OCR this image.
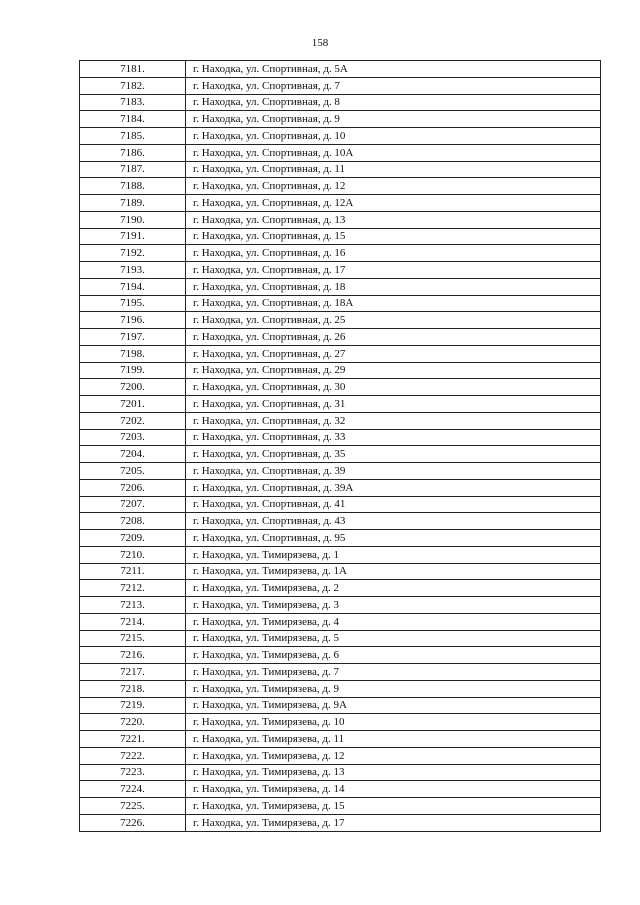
158
7181.	г. Находка, ул. Спортивная, д. 5А
7182.	г. Находка, ул. Спортивная, д. 7
7183.	г. Находка, ул. Спортивная, д. 8
7184.	г. Находка, ул. Спортивная, д. 9
7185.	г. Находка, ул. Спортивная, д. 10
7186.	г. Находка, ул. Спортивная, д. 10А
7187.	г. Находка, ул. Спортивная, д. 11
7188.	г. Находка, ул. Спортивная, д. 12
7189.	г. Находка, ул. Спортивная, д. 12А
7190.	г. Находка, ул. Спортивная, д. 13
7191.	г. Находка, ул. Спортивная, д. 15
7192.	г. Находка, ул. Спортивная, д. 16
7193.	г. Находка, ул. Спортивная, д. 17
7194.	г. Находка, ул. Спортивная, д. 18
7195.	г. Находка, ул. Спортивная, д. 18А
7196.	г. Находка, ул. Спортивная, д. 25
7197.	г. Находка, ул. Спортивная, д. 26
7198.	г. Находка, ул. Спортивная, д. 27
7199.	г. Находка, ул. Спортивная, д. 29
7200.	г. Находка, ул. Спортивная, д. 30
7201.	г. Находка, ул. Спортивная, д. 31
7202.	г. Находка, ул. Спортивная, д. 32
7203.	г. Находка, ул. Спортивная, д. 33
7204.	г. Находка, ул. Спортивная, д. 35
7205.	г. Находка, ул. Спортивная, д. 39
7206.	г. Находка, ул. Спортивная, д. 39А
7207.	г. Находка, ул. Спортивная, д. 41
7208.	г. Находка, ул. Спортивная, д. 43
7209.	г. Находка, ул. Спортивная, д. 95
7210.	г. Находка, ул. Тимирязева, д. 1
7211.	г. Находка, ул. Тимирязева, д. 1А
7212.	г. Находка, ул. Тимирязева, д. 2
7213.	г. Находка, ул. Тимирязева, д. 3
7214.	г. Находка, ул. Тимирязева, д. 4
7215.	г. Находка, ул. Тимирязева, д. 5
7216.	г. Находка, ул. Тимирязева, д. 6
7217.	г. Находка, ул. Тимирязева, д. 7
7218.	г. Находка, ул. Тимирязева, д. 9
7219.	г. Находка, ул. Тимирязева, д. 9А
7220.	г. Находка, ул. Тимирязева, д. 10
7221.	г. Находка, ул. Тимирязева, д. 11
7222.	г. Находка, ул. Тимирязева, д. 12
7223.	г. Находка, ул. Тимирязева, д. 13
7224.	г. Находка, ул. Тимирязева, д. 14
7225.	г. Находка, ул. Тимирязева, д. 15
7226.	г. Находка, ул. Тимирязева, д. 17
